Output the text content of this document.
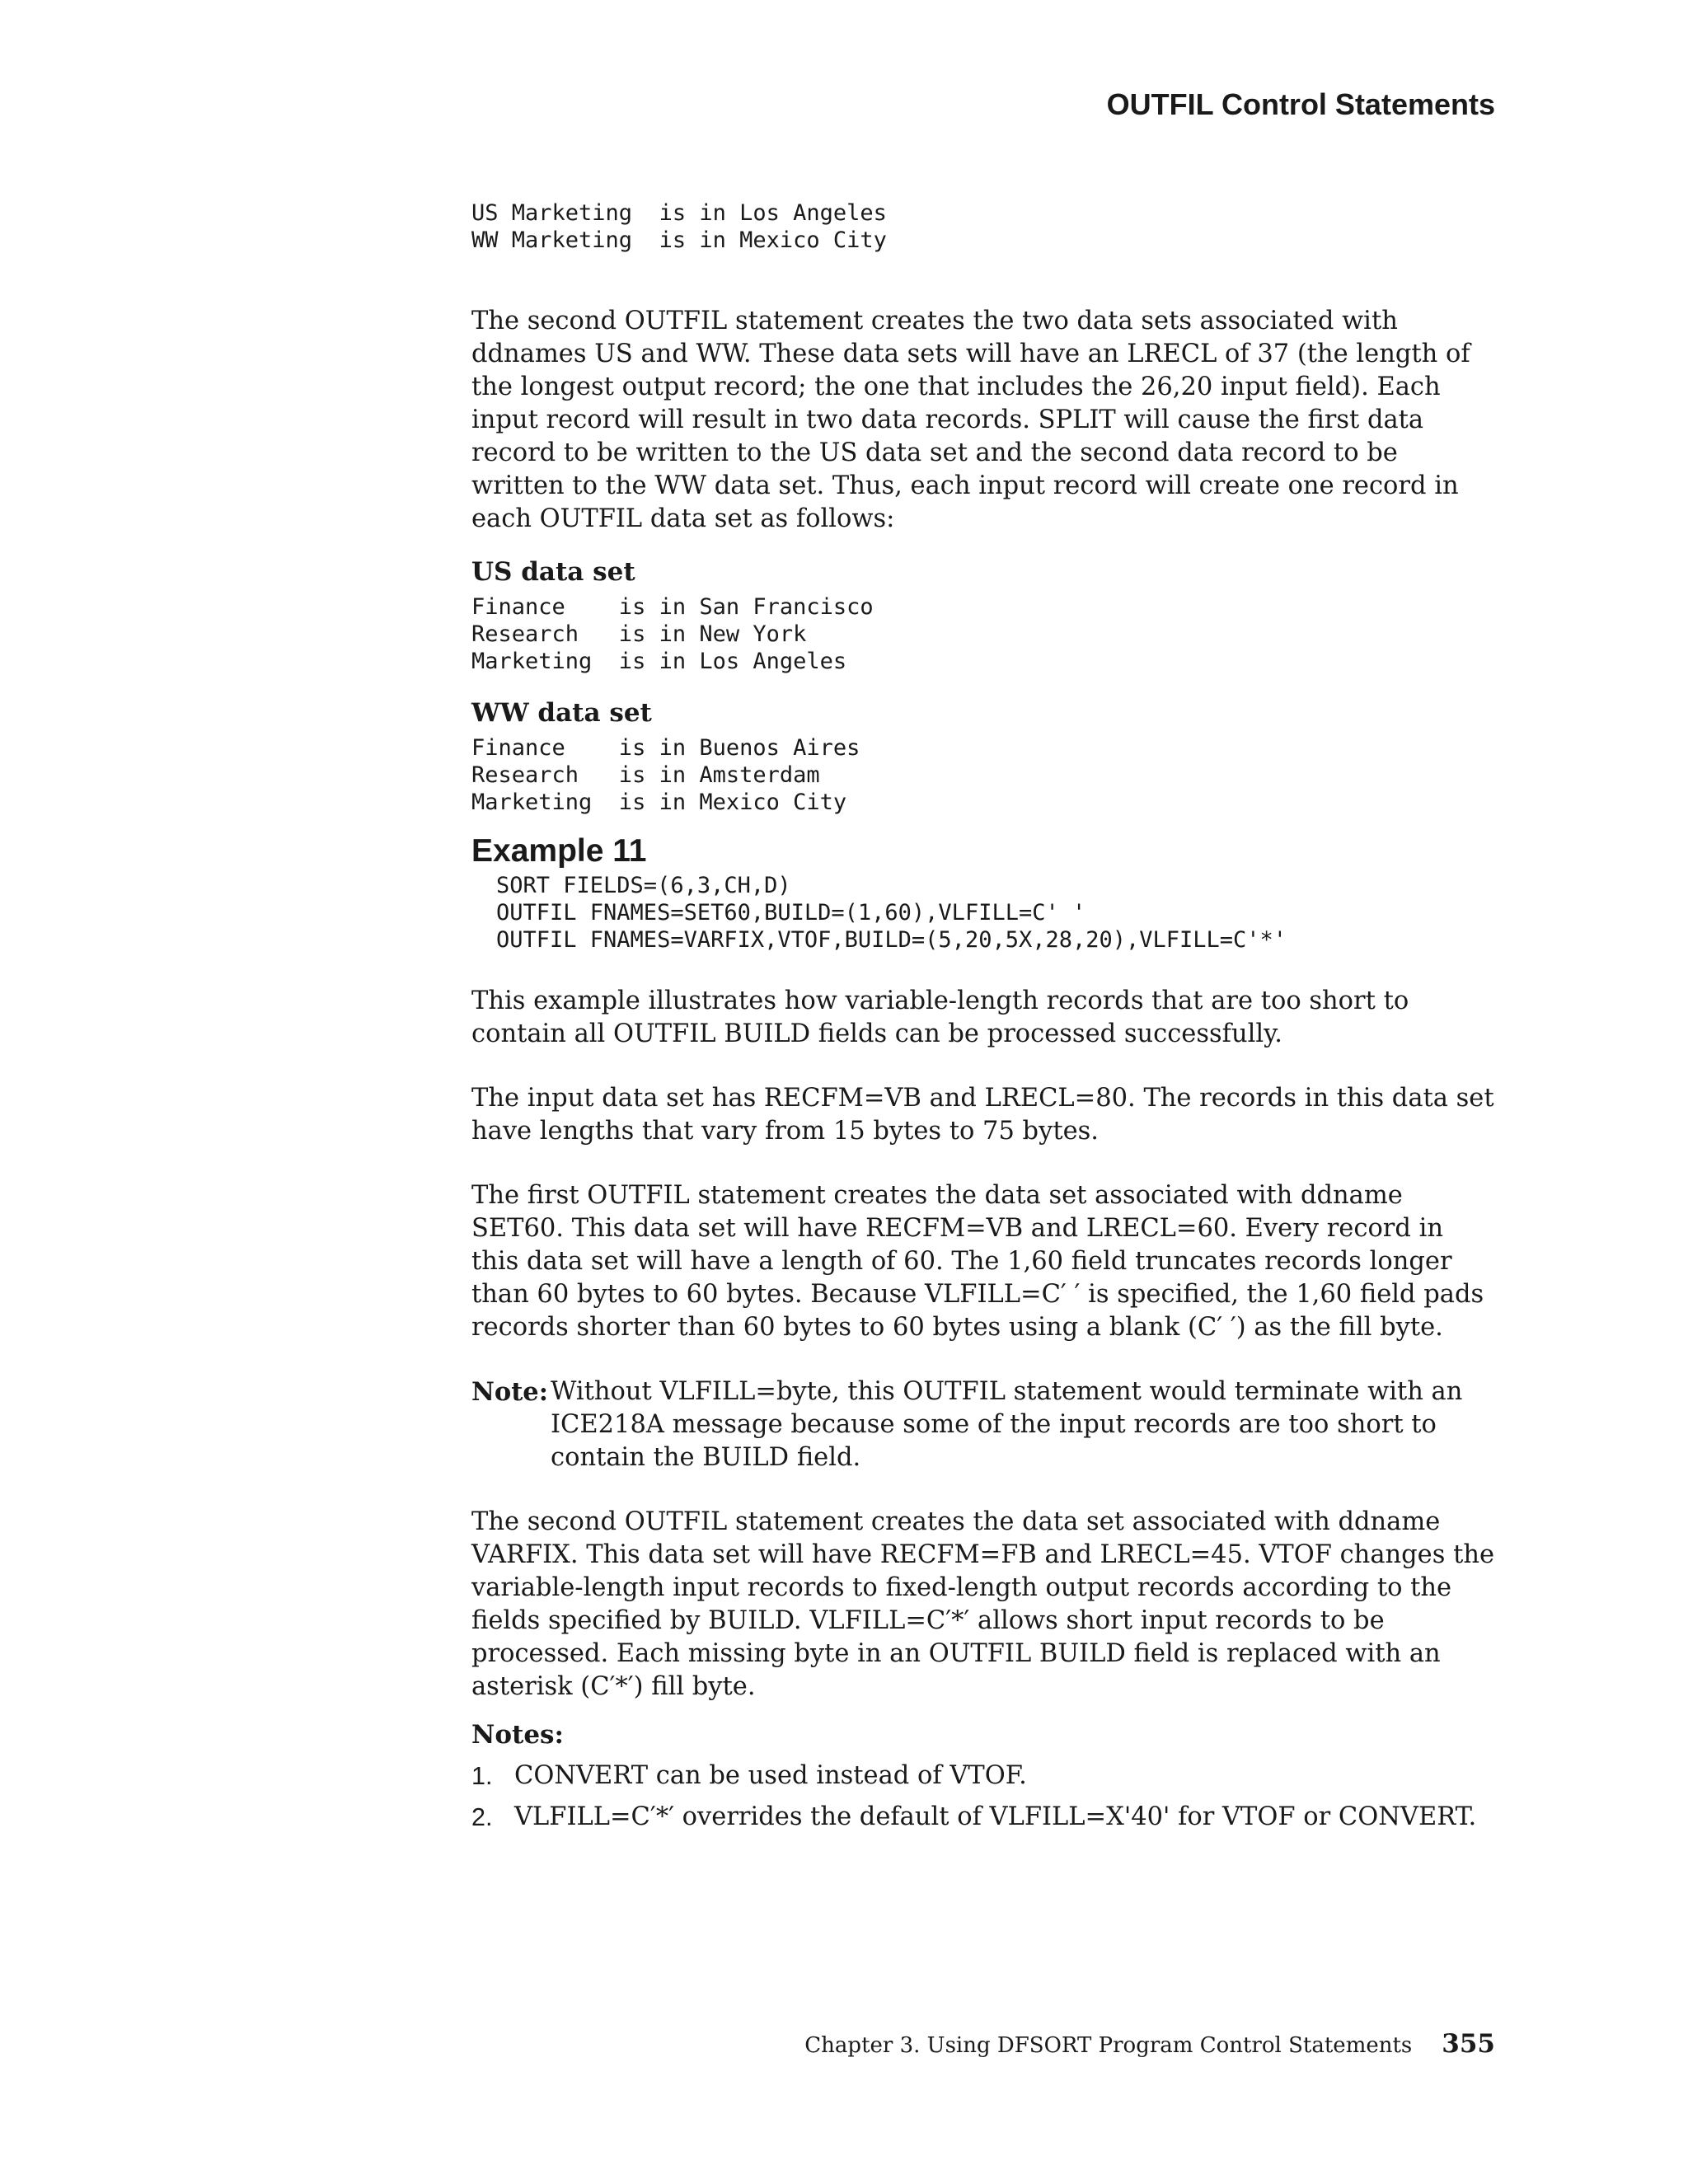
OUTFIL Control Statements
US Marketing  is in Los Angeles
WW Marketing  is in Mexico City

The second OUTFIL statement creates the two data sets associated with ddnames US and WW. These data sets will have an LRECL of 37 (the length of the longest output record; the one that includes the 26,20 input field). Each input record will result in two data records. SPLIT will cause the first data record to be written to the US data set and the second data record to be written to the WW data set. Thus, each input record will create one record in each OUTFIL data set as follows:

US data set
Finance    is in San Francisco
Research   is in New York
Marketing  is in Los Angeles
WW data set
Finance    is in Buenos Aires
Research   is in Amsterdam
Marketing  is in Mexico City
Example 11
SORT FIELDS=(6,3,CH,D)
OUTFIL FNAMES=SET60,BUILD=(1,60),VLFILL=C' '
OUTFIL FNAMES=VARFIX,VTOF,BUILD=(5,20,5X,28,20),VLFILL=C'*'

This example illustrates how variable-length records that are too short to contain all OUTFIL BUILD fields can be processed successfully.

The input data set has RECFM=VB and LRECL=80. The records in this data set have lengths that vary from 15 bytes to 75 bytes.

The first OUTFIL statement creates the data set associated with ddname SET60. This data set will have RECFM=VB and LRECL=60. Every record in this data set will have a length of 60. The 1,60 field truncates records longer than 60 bytes to 60 bytes. Because VLFILL=C′ ′ is specified, the 1,60 field pads records shorter than 60 bytes to 60 bytes using a blank (C′ ′) as the fill byte.

Note: Without VLFILL=byte, this OUTFIL statement would terminate with an ICE218A message because some of the input records are too short to contain the BUILD field.

The second OUTFIL statement creates the data set associated with ddname VARFIX. This data set will have RECFM=FB and LRECL=45. VTOF changes the variable-length input records to fixed-length output records according to the fields specified by BUILD. VLFILL=C′*′ allows short input records to be processed. Each missing byte in an OUTFIL BUILD field is replaced with an asterisk (C′*′) fill byte.

Notes:
1. CONVERT can be used instead of VTOF.
2. VLFILL=C′*′ overrides the default of VLFILL=X'40' for VTOF or CONVERT.
Chapter 3. Using DFSORT Program Control Statements 355
